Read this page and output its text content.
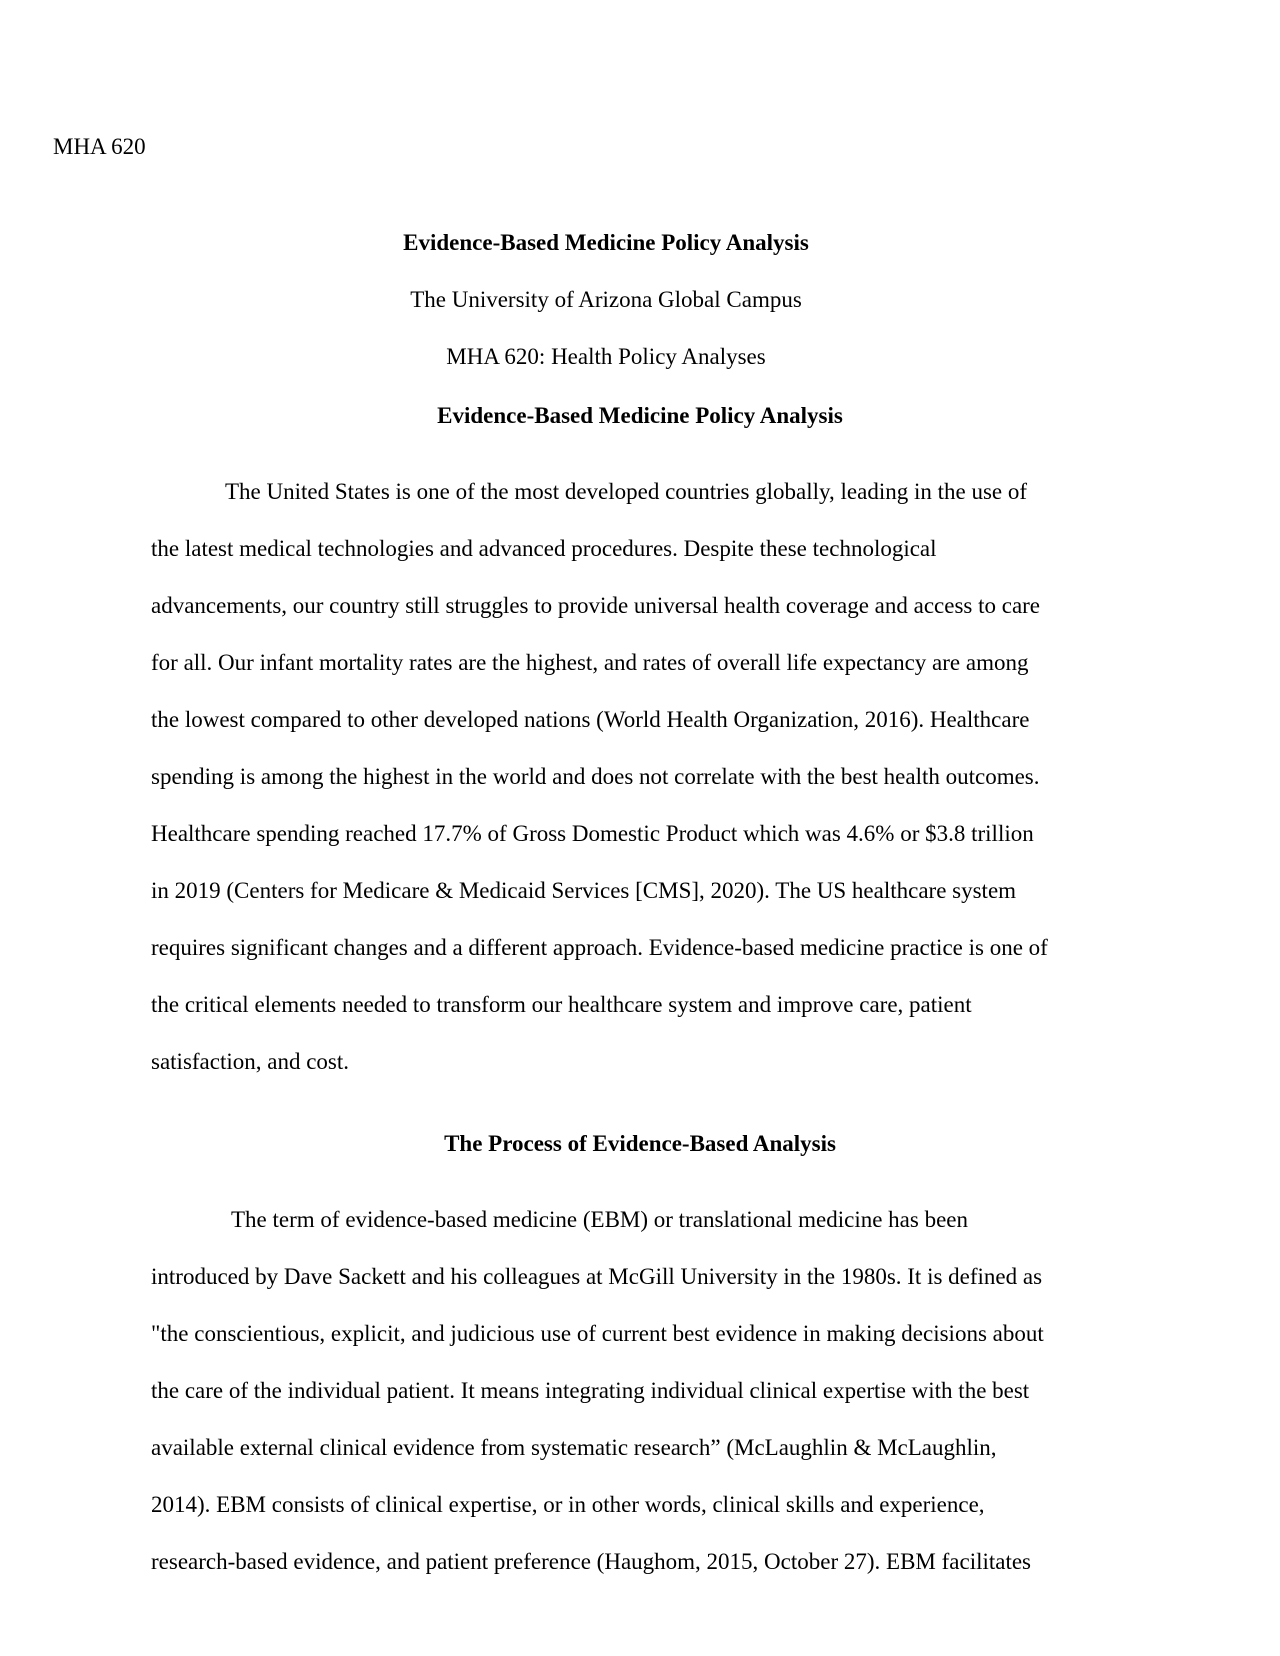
MHA 620
Evidence-Based Medicine Policy Analysis
The University of Arizona Global Campus
MHA 620: Health Policy Analyses
Evidence-Based Medicine Policy Analysis
The United States is one of the most developed countries globally, leading in the use of
the latest medical technologies and advanced procedures. Despite these technological
advancements, our country still struggles to provide universal health coverage and access to care
for all. Our infant mortality rates are the highest, and rates of overall life expectancy are among
the lowest compared to other developed nations (World Health Organization, 2016). Healthcare
spending is among the highest in the world and does not correlate with the best health outcomes.
Healthcare spending reached 17.7% of Gross Domestic Product which was 4.6% or $3.8 trillion
in 2019 (Centers for Medicare & Medicaid Services [CMS], 2020). The US healthcare system
requires significant changes and a different approach. Evidence-based medicine practice is one of
the critical elements needed to transform our healthcare system and improve care, patient
satisfaction, and cost.
The Process of Evidence-Based Analysis
The term of evidence-based medicine (EBM) or translational medicine has been
introduced by Dave Sackett and his colleagues at McGill University in the 1980s. It is defined as
"the conscientious, explicit, and judicious use of current best evidence in making decisions about
the care of the individual patient. It means integrating individual clinical expertise with the best
available external clinical evidence from systematic research” (McLaughlin & McLaughlin,
2014). EBM consists of clinical expertise, or in other words, clinical skills and experience,
research-based evidence, and patient preference (Haughom, 2015, October 27). EBM facilitates
